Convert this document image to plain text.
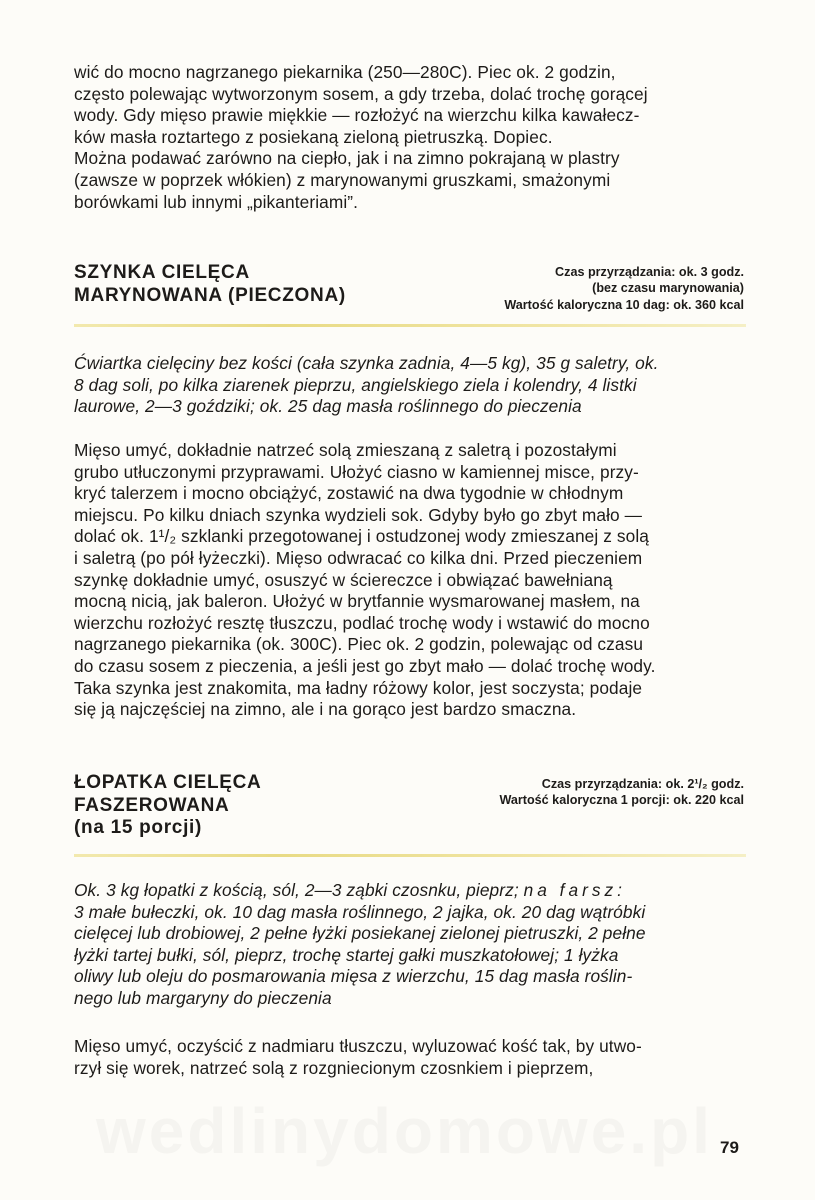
wić do mocno nagrzanego piekarnika (250—280C). Piec ok. 2 godzin,
często polewając wytworzonym sosem, a gdy trzeba, dolać trochę gorącej
wody. Gdy mięso prawie miękkie — rozłożyć na wierzchu kilka kawałecz-
ków masła roztartego z posiekaną zieloną pietruszką. Dopiec.
Można podawać zarówno na ciepło, jak i na zimno pokrajaną w plastry
(zawsze w poprzek włókien) z marynowanymi gruszkami, smażonymi
borówkami lub innymi „pikanteriami”.
SZYNKA CIELĘCA
MARYNOWANA (PIECZONA)
Czas przyrządzania: ok. 3 godz.
(bez czasu marynowania)
Wartość kaloryczna 10 dag: ok. 360 kcal
Ćwiartka cielęciny bez kości (cała szynka zadnia, 4—5 kg), 35 g saletry, ok.
8 dag soli, po kilka ziarenek pieprzu, angielskiego ziela i kolendry, 4 listki
laurowe, 2—3 goździki; ok. 25 dag masła roślinnego do pieczenia
Mięso umyć, dokładnie natrzeć solą zmieszaną z saletrą i pozostałymi
grubo utłuczonymi przyprawami. Ułożyć ciasno w kamiennej misce, przy-
kryć talerzem i mocno obciążyć, zostawić na dwa tygodnie w chłodnym
miejscu. Po kilku dniach szynka wydzieli sok. Gdyby było go zbyt mało —
dolać ok. 1¹/₂ szklanki przegotowanej i ostudzonej wody zmieszanej z solą
i saletrą (po pół łyżeczki). Mięso odwracać co kilka dni. Przed pieczeniem
szynkę dokładnie umyć, osuszyć w ściereczce i obwiązać bawełnianą
mocną nicią, jak baleron. Ułożyć w brytfannie wysmarowanej masłem, na
wierzchu rozłożyć resztę tłuszczu, podlać trochę wody i wstawić do mocno
nagrzanego piekarnika (ok. 300C). Piec ok. 2 godzin, polewając od czasu
do czasu sosem z pieczenia, a jeśli jest go zbyt mało — dolać trochę wody.
Taka szynka jest znakomita, ma ładny różowy kolor, jest soczysta; podaje
się ją najczęściej na zimno, ale i na gorąco jest bardzo smaczna.
ŁOPATKA CIELĘCA
FASZEROWANA
(na 15 porcji)
Czas przyrządzania: ok. 2¹/₂ godz.
Wartość kaloryczna 1 porcji: ok. 220 kcal
Ok. 3 kg łopatki z kością, sól, 2—3 ząbki czosnku, pieprz; na farsz:
3 małe bułeczki, ok. 10 dag masła roślinnego, 2 jajka, ok. 20 dag wątróbki
cielęcej lub drobiowej, 2 pełne łyżki posiekanej zielonej pietruszki, 2 pełne
łyżki tartej bułki, sól, pieprz, trochę startej gałki muszkatołowej; 1 łyżka
oliwy lub oleju do posmarowania mięsa z wierzchu, 15 dag masła roślin-
nego lub margaryny do pieczenia
Mięso umyć, oczyścić z nadmiaru tłuszczu, wyluzować kość tak, by utwo-
rzył się worek, natrzeć solą z rozgniecionym czosnkiem i pieprzem,
wedlinydomowe.pl 79
